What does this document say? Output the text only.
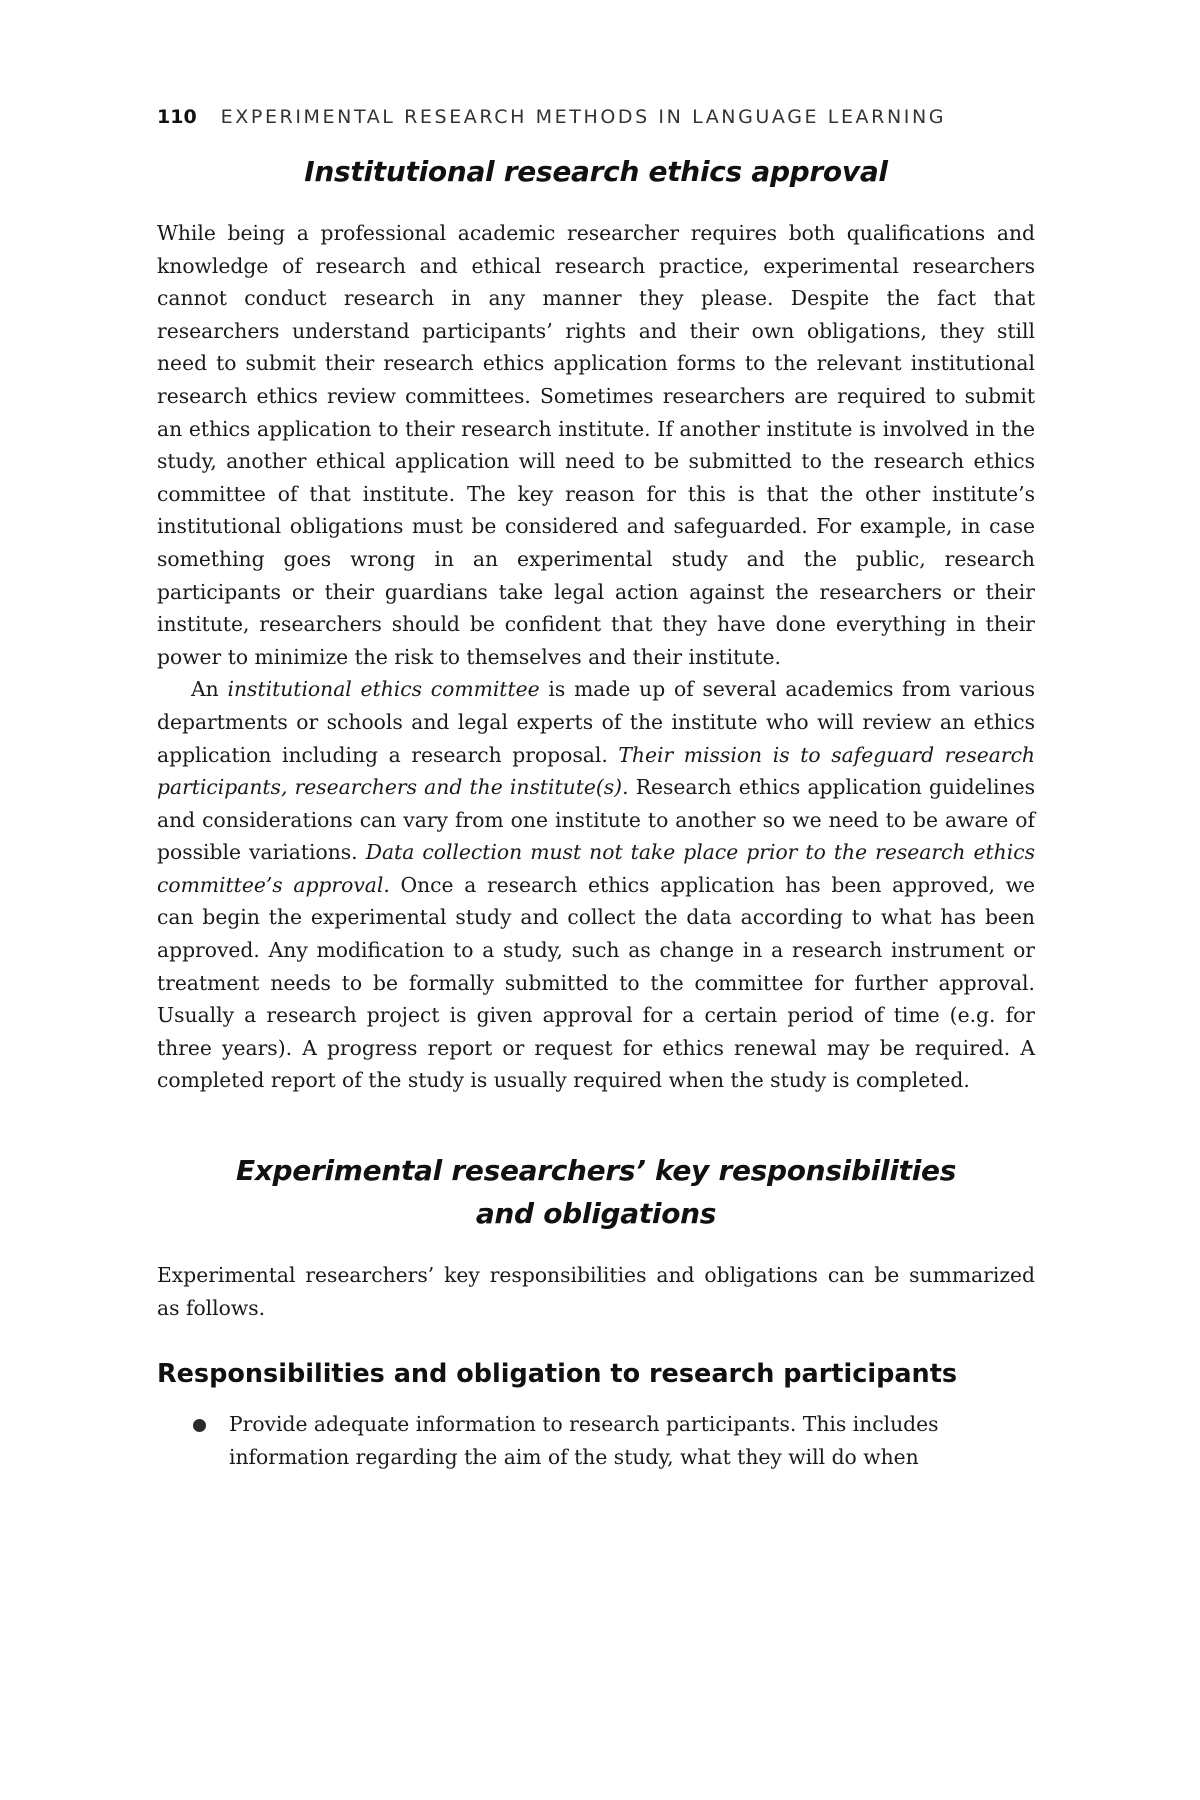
110 EXPERIMENTAL RESEARCH METHODS IN LANGUAGE LEARNING
Institutional research ethics approval

While being a professional academic researcher requires both qualifications and knowledge of research and ethical research practice, experimental researchers cannot conduct research in any manner they please. Despite the fact that researchers understand participants’ rights and their own obligations, they still need to submit their research ethics application forms to the relevant institutional research ethics review committees. Sometimes researchers are required to submit an ethics application to their research institute. If another institute is involved in the study, another ethical application will need to be submitted to the research ethics committee of that institute. The key reason for this is that the other institute’s institutional obligations must be considered and safeguarded. For example, in case something goes wrong in an experimental study and the public, research participants or their guardians take legal action against the researchers or their institute, researchers should be confident that they have done everything in their power to minimize the risk to themselves and their institute.

An institutional ethics committee is made up of several academics from various departments or schools and legal experts of the institute who will review an ethics application including a research proposal. Their mission is to safeguard research participants, researchers and the institute(s). Research ethics application guidelines and considerations can vary from one institute to another so we need to be aware of possible variations. Data collection must not take place prior to the research ethics committee’s approval. Once a research ethics application has been approved, we can begin the experimental study and collect the data according to what has been approved. Any modification to a study, such as change in a research instrument or treatment needs to be formally submitted to the committee for further approval. Usually a research project is given approval for a certain period of time (e.g. for three years). A progress report or request for ethics renewal may be required. A completed report of the study is usually required when the study is completed.

Experimental researchers’ key responsibilities
and obligations

Experimental researchers’ key responsibilities and obligations can be summarized as follows.

Responsibilities and obligation to research participants
Provide adequate information to research participants. This includes information regarding the aim of the study, what they will do when
